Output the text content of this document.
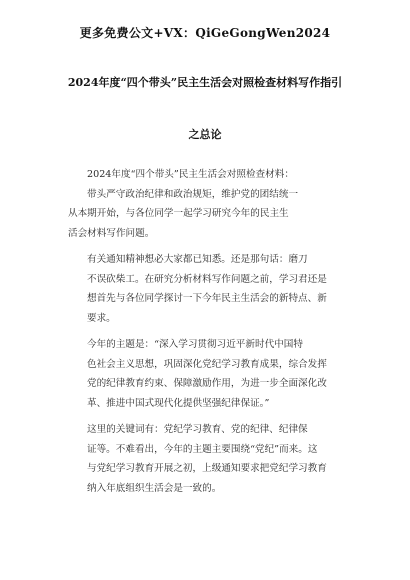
更多免费公文+VX：QiGeGongWen2024
2024年度“四个带头”民主生活会对照检查材料写作指引
之总论
2024年度“四个带头”民主生活会对照检查材料：
带头严守政治纪律和政治规矩，维护党的团结统一
从本期开始，与各位同学一起学习研究今年的民主生
活会材料写作问题。
有关通知精神想必大家都已知悉。还是那句话：磨刀
不误砍柴工。在研究分析材料写作问题之前，学习君还是
想首先与各位同学探讨一下今年民主生活会的新特点、新
要求。
今年的主题是：“深入学习贯彻习近平新时代中国特
色社会主义思想，巩固深化党纪学习教育成果，综合发挥
党的纪律教育约束、保障激励作用，为进一步全面深化改
革、推进中国式现代化提供坚强纪律保证。”
这里的关键词有：党纪学习教育、党的纪律、纪律保
证等。不难看出，今年的主题主要围绕“党纪”而来。这
与党纪学习教育开展之初，上级通知要求把党纪学习教育
纳入年底组织生活会是一致的。
